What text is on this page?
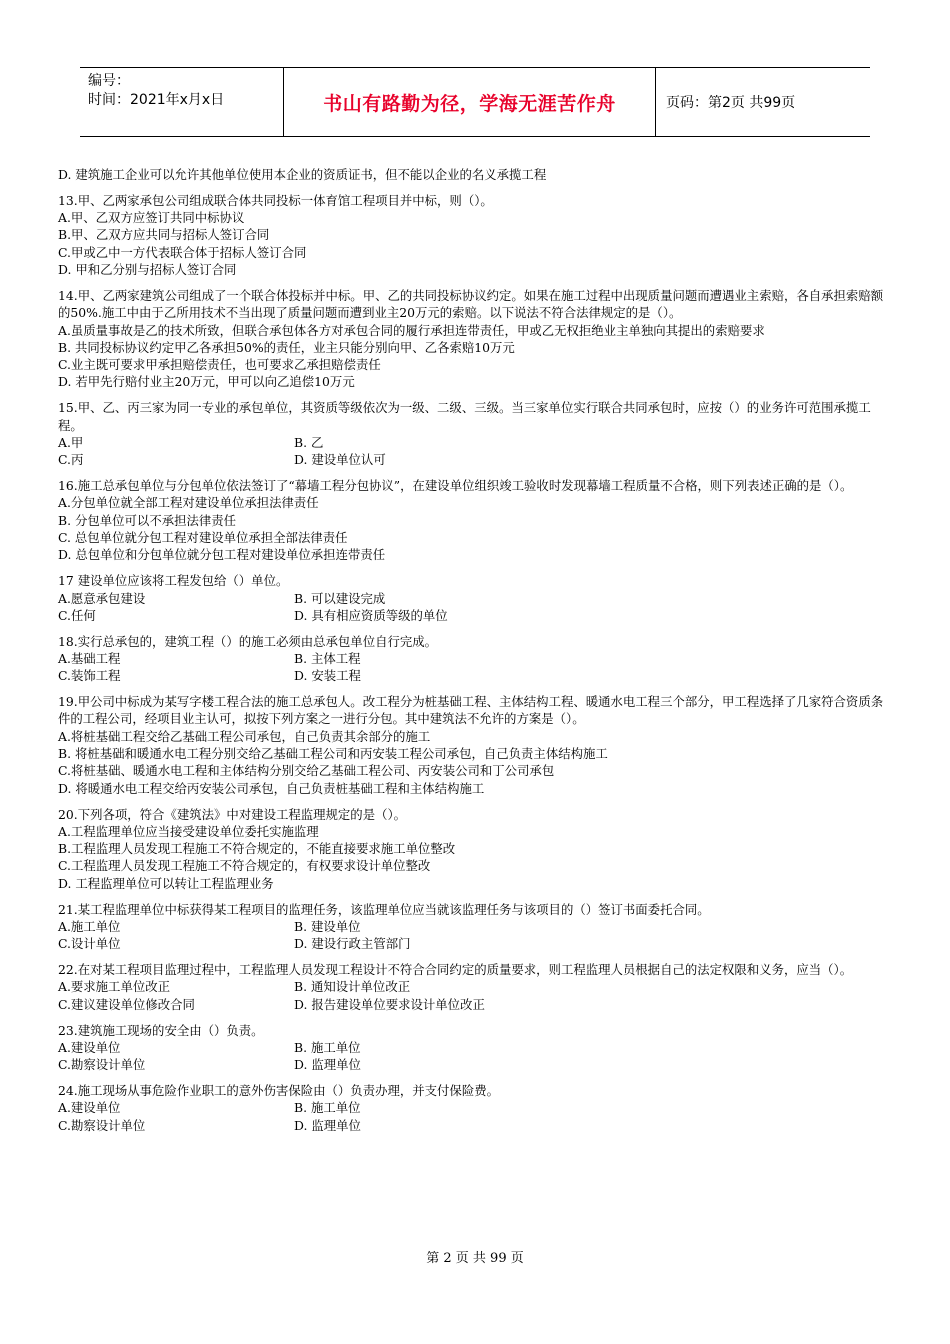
编号：
时间：2021年x月x日	书山有路勤为径，学海无涯苦作舟	页码：第2页 共99页

D. 建筑施工企业可以允许其他单位使用本企业的资质证书，但不能以企业的名义承揽工程

13.甲、乙两家承包公司组成联合体共同投标一体育馆工程项目并中标，则（）。

A.甲、乙双方应签订共同中标协议

B.甲、乙双方应共同与招标人签订合同

C.甲或乙中一方代表联合体于招标人签订合同

D. 甲和乙分别与招标人签订合同

14.甲、乙两家建筑公司组成了一个联合体投标并中标。甲、乙的共同投标协议约定。如果在施工过程中出现质量问题而遭遇业主索赔，各自承担索赔额的50%.施工中由于乙所用技术不当出现了质量问题而遭到业主20万元的索赔。以下说法不符合法律规定的是（）。

A.虽质量事故是乙的技术所致，但联合承包体各方对承包合同的履行承担连带责任，甲或乙无权拒绝业主单独向其提出的索赔要求

B. 共同投标协议约定甲乙各承担50%的责任，业主只能分别向甲、乙各索赔10万元

C.业主既可要求甲承担赔偿责任，也可要求乙承担赔偿责任

D. 若甲先行赔付业主20万元，甲可以向乙追偿10万元

15.甲、乙、丙三家为同一专业的承包单位，其资质等级依次为一级、二级、三级。当三家单位实行联合共同承包时，应按（）的业务许可范围承揽工程。

A.甲	B. 乙
C.丙	D. 建设单位认可

16.施工总承包单位与分包单位依法签订了“幕墙工程分包协议”，在建设单位组织竣工验收时发现幕墙工程质量不合格，则下列表述正确的是（）。

A.分包单位就全部工程对建设单位承担法律责任

B. 分包单位可以不承担法律责任

C. 总包单位就分包工程对建设单位承担全部法律责任

D. 总包单位和分包单位就分包工程对建设单位承担连带责任

17 建设单位应该将工程发包给（）单位。

A.愿意承包建设	B. 可以建设完成
C.任何	D. 具有相应资质等级的单位

18.实行总承包的，建筑工程（）的施工必须由总承包单位自行完成。

A.基础工程	B. 主体工程
C.装饰工程	D. 安装工程

19.甲公司中标成为某写字楼工程合法的施工总承包人。改工程分为桩基础工程、主体结构工程、暖通水电工程三个部分，甲工程选择了几家符合资质条件的工程公司，经项目业主认可，拟按下列方案之一进行分包。其中建筑法不允许的方案是（）。

A.将桩基础工程交给乙基础工程公司承包，自己负责其余部分的施工

B. 将桩基础和暖通水电工程分别交给乙基础工程公司和丙安装工程公司承包，自己负责主体结构施工

C.将桩基础、暖通水电工程和主体结构分别交给乙基础工程公司、丙安装公司和丁公司承包

D. 将暖通水电工程交给丙安装公司承包，自己负责桩基础工程和主体结构施工

20.下列各项，符合《建筑法》中对建设工程监理规定的是（）。

A.工程监理单位应当接受建设单位委托实施监理

B.工程监理人员发现工程施工不符合规定的，不能直接要求施工单位整改

C.工程监理人员发现工程施工不符合规定的，有权要求设计单位整改

D. 工程监理单位可以转让工程监理业务

21.某工程监理单位中标获得某工程项目的监理任务，该监理单位应当就该监理任务与该项目的（）签订书面委托合同。

A.施工单位	B. 建设单位
C.设计单位	D. 建设行政主管部门

22.在对某工程项目监理过程中，工程监理人员发现工程设计不符合合同约定的质量要求，则工程监理人员根据自己的法定权限和义务，应当（）。

A.要求施工单位改正	B. 通知设计单位改正
C.建议建设单位修改合同	D. 报告建设单位要求设计单位改正

23.建筑施工现场的安全由（）负责。

A.建设单位	B. 施工单位
C.勘察设计单位	D. 监理单位

24.施工现场从事危险作业职工的意外伤害保险由（）负责办理，并支付保险费。

A.建设单位	B. 施工单位
C.勘察设计单位	D. 监理单位
第 2 页 共 99 页
